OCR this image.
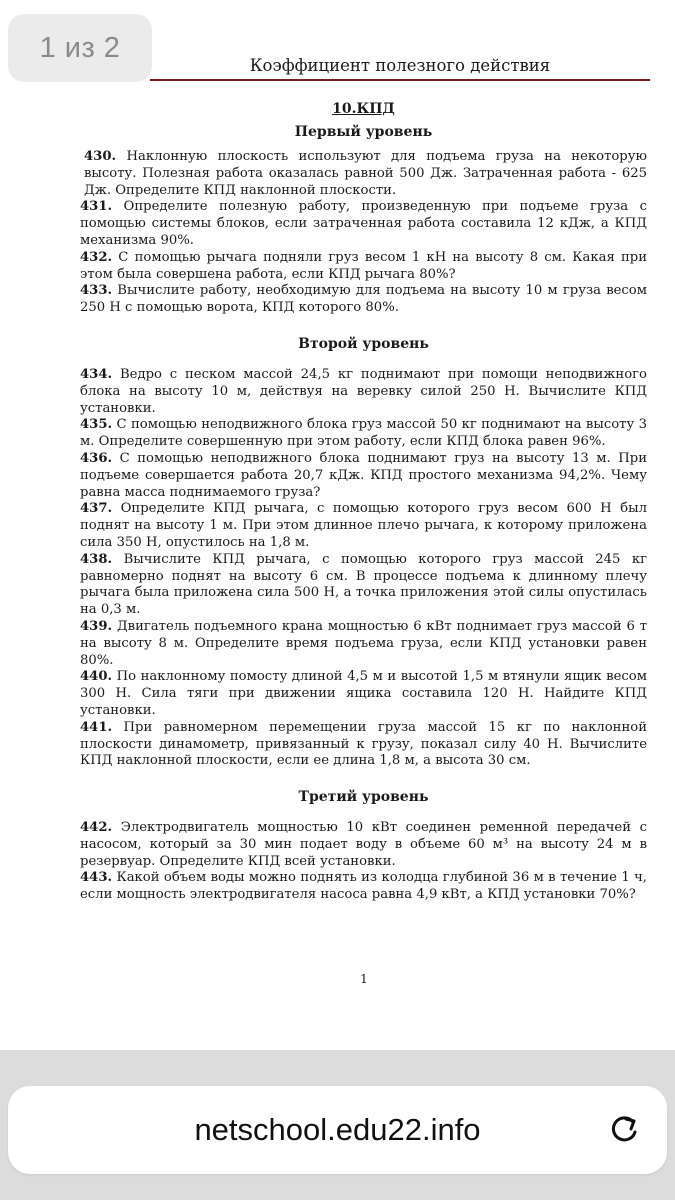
1 из 2
Коэффициент полезного действия
10.КПД
Первый уровень

430. Наклонную плоскость используют для подъема груза на некоторую высоту. Полезная работа оказалась равной 500 Дж. Затраченная работа - 625 Дж. Определите КПД наклонной плоскости.

431. Определите полезную работу, произведенную при подъеме груза с помощью системы блоков, если затраченная работа составила 12 кДж, а КПД механизма 90%.

432. С помощью рычага подняли груз весом 1 кН на высоту 8 см. Какая при этом была совершена работа, если КПД рычага 80%?

433. Вычислите работу, необходимую для подъема на высоту 10 м груза весом 250 Н с помощью ворота, КПД которого 80%.

Второй уровень

434. Ведро с песком массой 24,5 кг поднимают при помощи неподвижного блока на высоту 10 м, действуя на веревку силой 250 Н. Вычислите КПД установки.

435. С помощью неподвижного блока груз массой 50 кг поднимают на высоту 3 м. Определите совершенную при этом работу, если КПД блока равен 96%.

436. С помощью неподвижного блока поднимают груз на высоту 13 м. При подъеме совершается работа 20,7 кДж. КПД простого механизма 94,2%. Чему равна масса поднимаемого груза?

437. Определите КПД рычага, с помощью которого груз весом 600 Н был поднят на высоту 1 м. При этом длинное плечо рычага, к которому приложена сила 350 Н, опустилось на 1,8 м.

438. Вычислите КПД рычага, с помощью которого груз массой 245 кг равномерно поднят на высоту 6 см. В процессе подъема к длинному плечу рычага была приложена сила 500 Н, а точка приложения этой силы опустилась на 0,3 м.

439. Двигатель подъемного крана мощностью 6 кВт поднимает груз массой 6 т на высоту 8 м. Определите время подъема груза, если КПД установки равен 80%.

440. По наклонному помосту длиной 4,5 м и высотой 1,5 м втянули ящик весом 300 Н. Сила тяги при движении ящика составила 120 Н. Найдите КПД установки.

441. При равномерном перемещении груза массой 15 кг по наклонной плоскости динамометр, привязанный к грузу, показал силу 40 Н. Вычислите КПД наклонной плоскости, если ее длина 1,8 м, а высота 30 см.

Третий уровень

442. Электродвигатель мощностью 10 кВт соединен ременной передачей с насосом, который за 30 мин подает воду в объеме 60 м³ на высоту 24 м в резервуар. Определите КПД всей установки.

443. Какой объем воды можно поднять из колодца глубиной 36 м в течение 1 ч, если мощность электродвигателя насоса равна 4,9 кВт, а КПД установки 70%?

1
netschool.edu22.info
